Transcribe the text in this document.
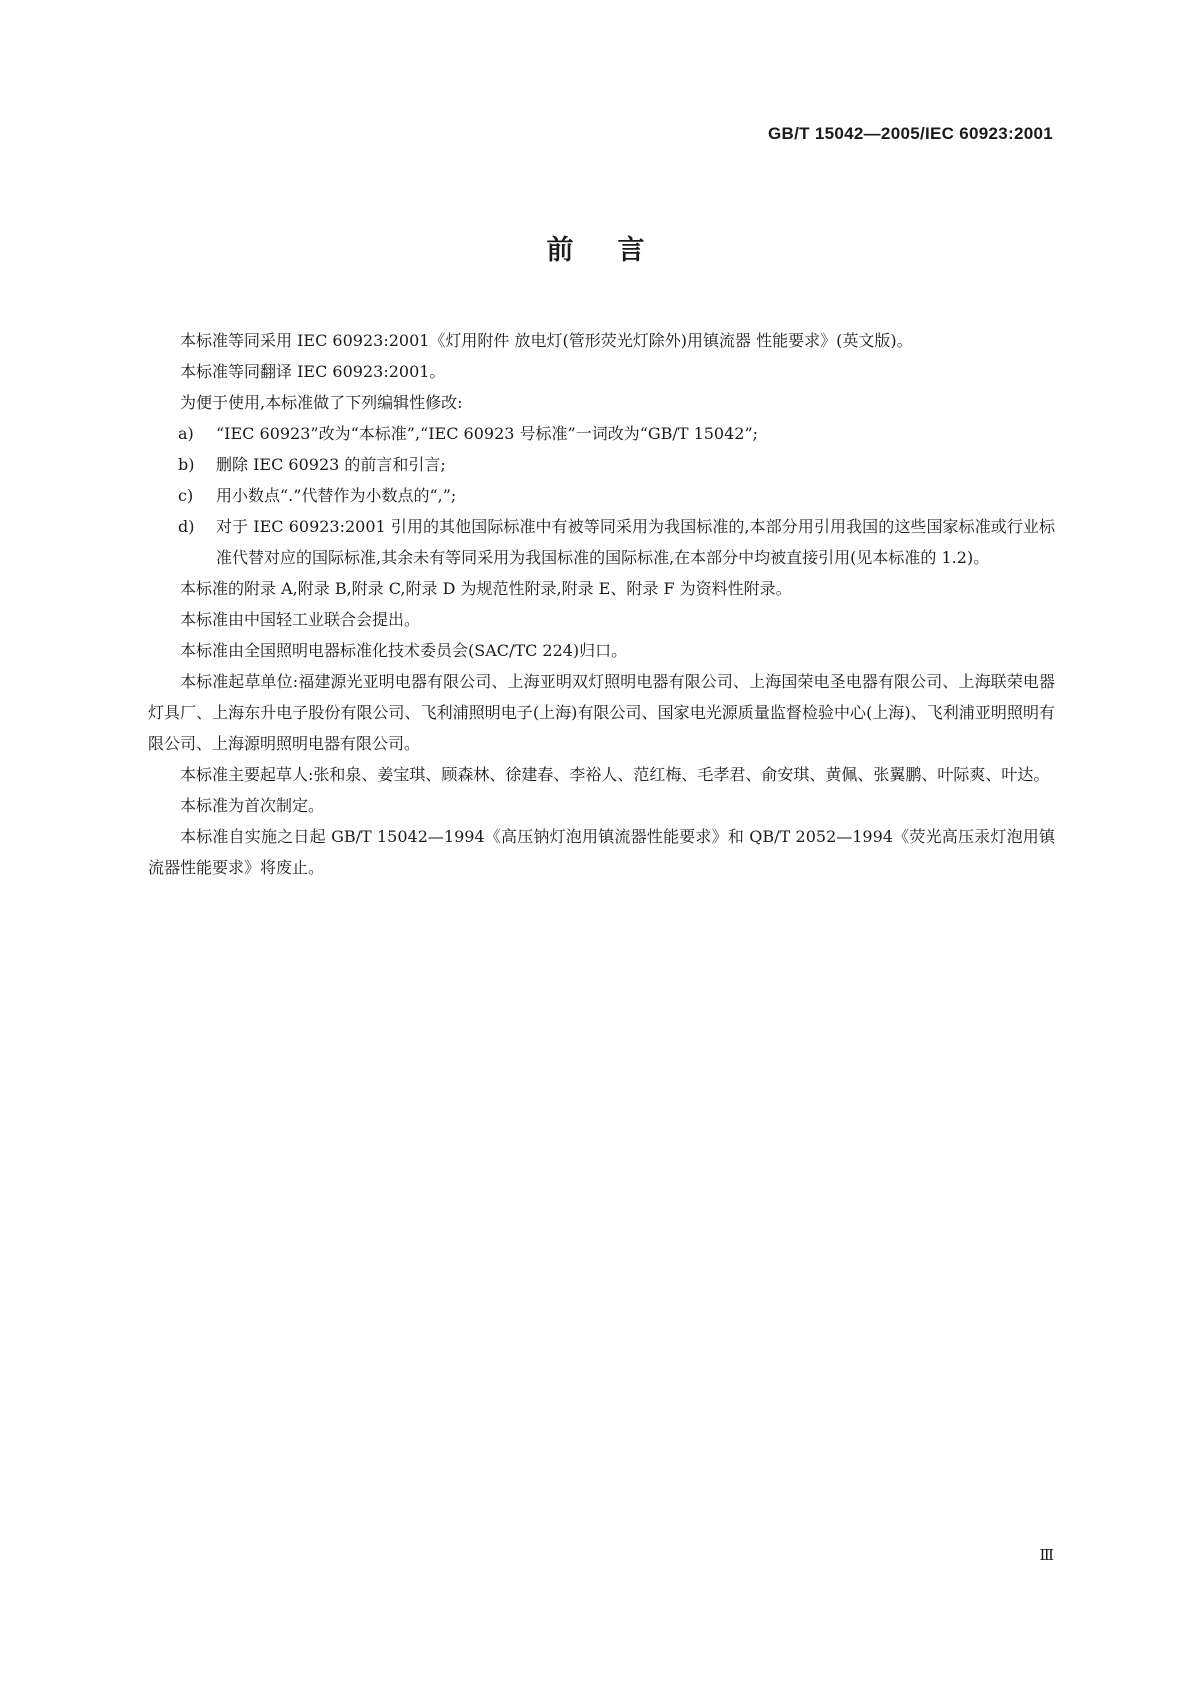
GB/T 15042—2005/IEC 60923:2001
前言

本标准等同采用 IEC 60923:2001《灯用附件 放电灯(管形荧光灯除外)用镇流器 性能要求》(英文版)。

本标准等同翻译 IEC 60923:2001。

为便于使用,本标准做了下列编辑性修改:

a) “IEC 60923”改为“本标准”,“IEC 60923 号标准”一词改为“GB/T 15042”;
b) 删除 IEC 60923 的前言和引言;
c) 用小数点“.”代替作为小数点的“,”;
d) 对于 IEC 60923:2001 引用的其他国际标准中有被等同采用为我国标准的,本部分用引用我国的这些国家标准或行业标准代替对应的国际标准,其余未有等同采用为我国标准的国际标准,在本部分中均被直接引用(见本标准的 1.2)。

本标准的附录 A,附录 B,附录 C,附录 D 为规范性附录,附录 E、附录 F 为资料性附录。

本标准由中国轻工业联合会提出。

本标准由全国照明电器标准化技术委员会(SAC/TC 224)归口。

本标准起草单位:福建源光亚明电器有限公司、上海亚明双灯照明电器有限公司、上海国荣电圣电器有限公司、上海联荣电器灯具厂、上海东升电子股份有限公司、飞利浦照明电子(上海)有限公司、国家电光源质量监督检验中心(上海)、飞利浦亚明照明有限公司、上海源明照明电器有限公司。

本标准主要起草人:张和泉、姜宝琪、顾森林、徐建春、李裕人、范红梅、毛孝君、俞安琪、黄佩、张翼鹏、叶际爽、叶达。

本标准为首次制定。

本标准自实施之日起 GB/T 15042—1994《高压钠灯泡用镇流器性能要求》和 QB/T 2052—1994《荧光高压汞灯泡用镇流器性能要求》将废止。

Ⅲ
